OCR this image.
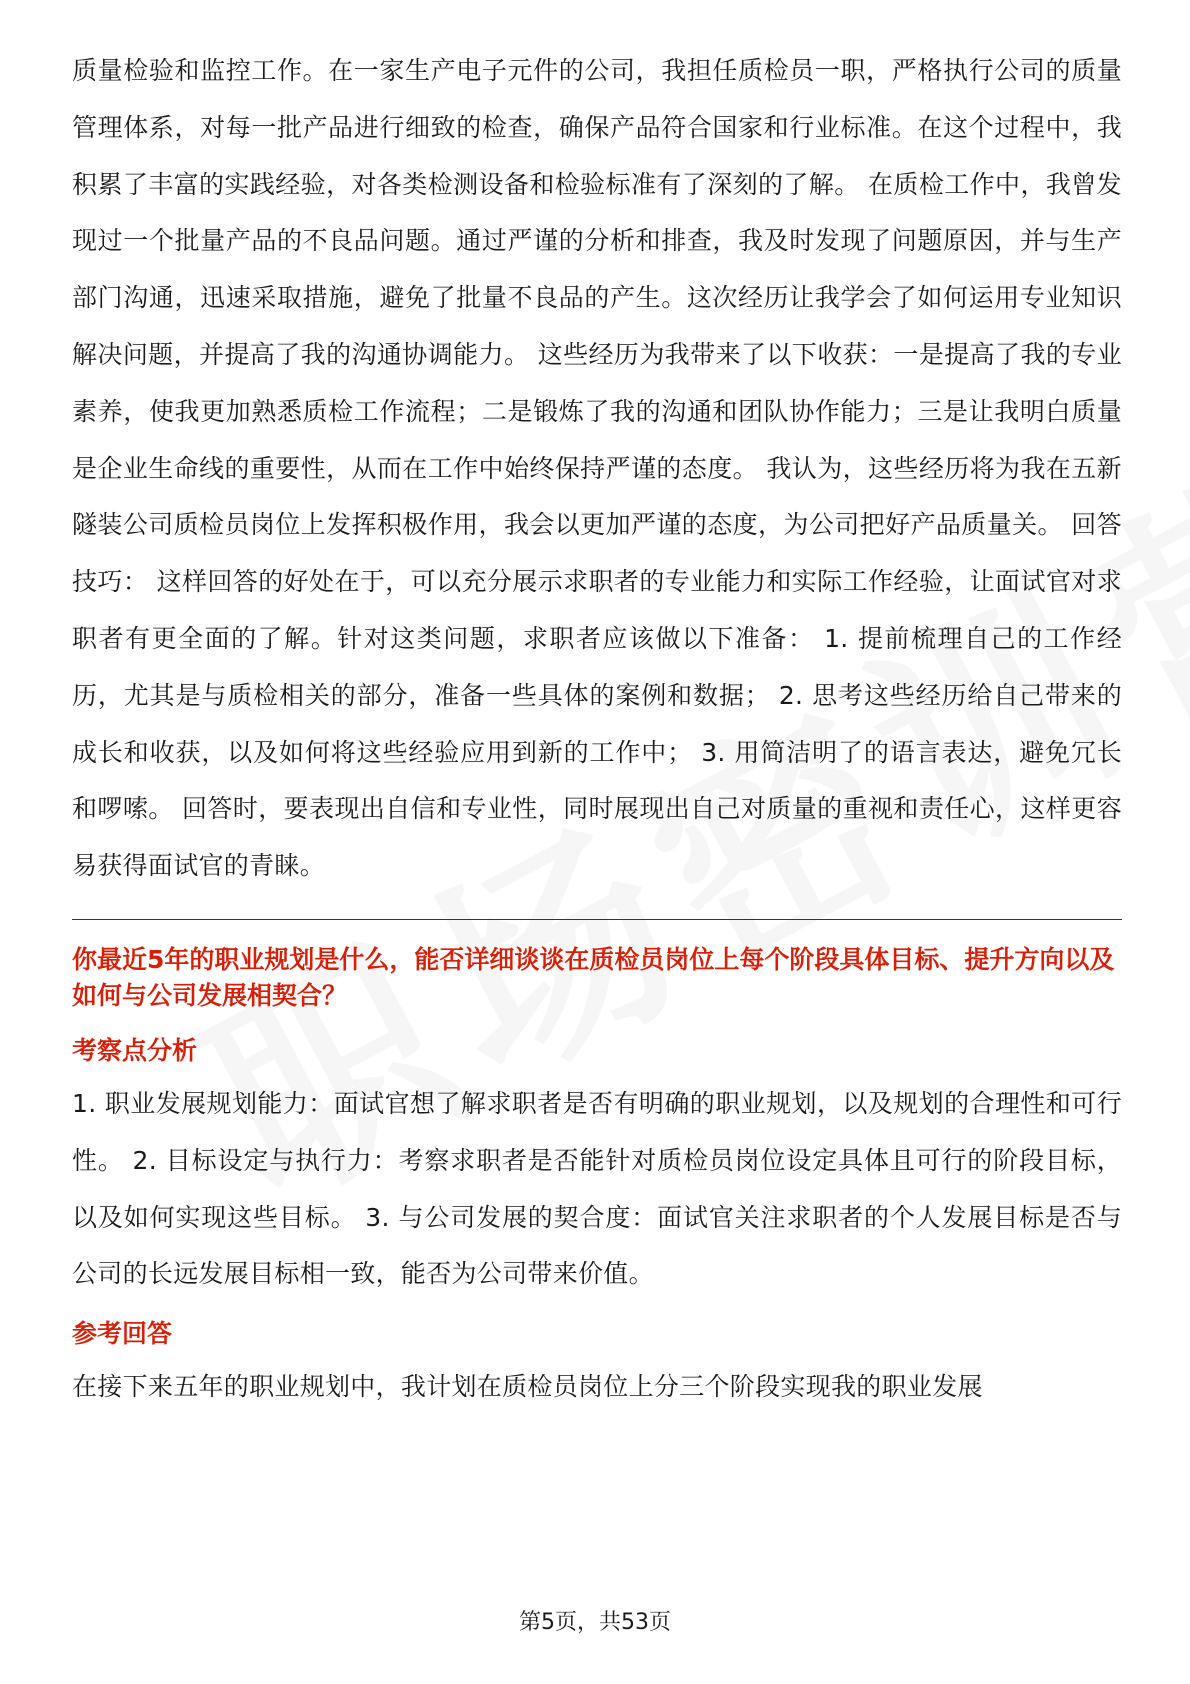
质量检验和监控工作。在一家生产电子元件的公司，我担任质检员一职，严格执行公司的质量管理体系，对每一批产品进行细致的检查，确保产品符合国家和行业标准。在这个过程中，我积累了丰富的实践经验，对各类检测设备和检验标准有了深刻的了解。 在质检工作中，我曾发现过一个批量产品的不良品问题。通过严谨的分析和排查，我及时发现了问题原因，并与生产部门沟通，迅速采取措施，避免了批量不良品的产生。这次经历让我学会了如何运用专业知识解决问题，并提高了我的沟通协调能力。 这些经历为我带来了以下收获：一是提高了我的专业素养，使我更加熟悉质检工作流程；二是锻炼了我的沟通和团队协作能力；三是让我明白质量是企业生命线的重要性，从而在工作中始终保持严谨的态度。 我认为，这些经历将为我在五新隧装公司质检员岗位上发挥积极作用，我会以更加严谨的态度，为公司把好产品质量关。 回答技巧： 这样回答的好处在于，可以充分展示求职者的专业能力和实际工作经验，让面试官对求职者有更全面的了解。针对这类问题，求职者应该做以下准备： 1. 提前梳理自己的工作经历，尤其是与质检相关的部分，准备一些具体的案例和数据； 2. 思考这些经历给自己带来的成长和收获，以及如何将这些经验应用到新的工作中； 3. 用简洁明了的语言表达，避免冗长和啰嗦。 回答时，要表现出自信和专业性，同时展现出自己对质量的重视和责任心，这样更容易获得面试官的青睐。

你最近5年的职业规划是什么，能否详细谈谈在质检员岗位上每个阶段具体目标、提升方向以及如何与公司发展相契合？

考察点分析

1. 职业发展规划能力：面试官想了解求职者是否有明确的职业规划，以及规划的合理性和可行性。 2. 目标设定与执行力：考察求职者是否能针对质检员岗位设定具体且可行的阶段目标，以及如何实现这些目标。 3. 与公司发展的契合度：面试官关注求职者的个人发展目标是否与公司的长远发展目标相一致，能否为公司带来价值。

参考回答

在接下来五年的职业规划中，我计划在质检员岗位上分三个阶段实现我的职业发展

第5页，共53页
